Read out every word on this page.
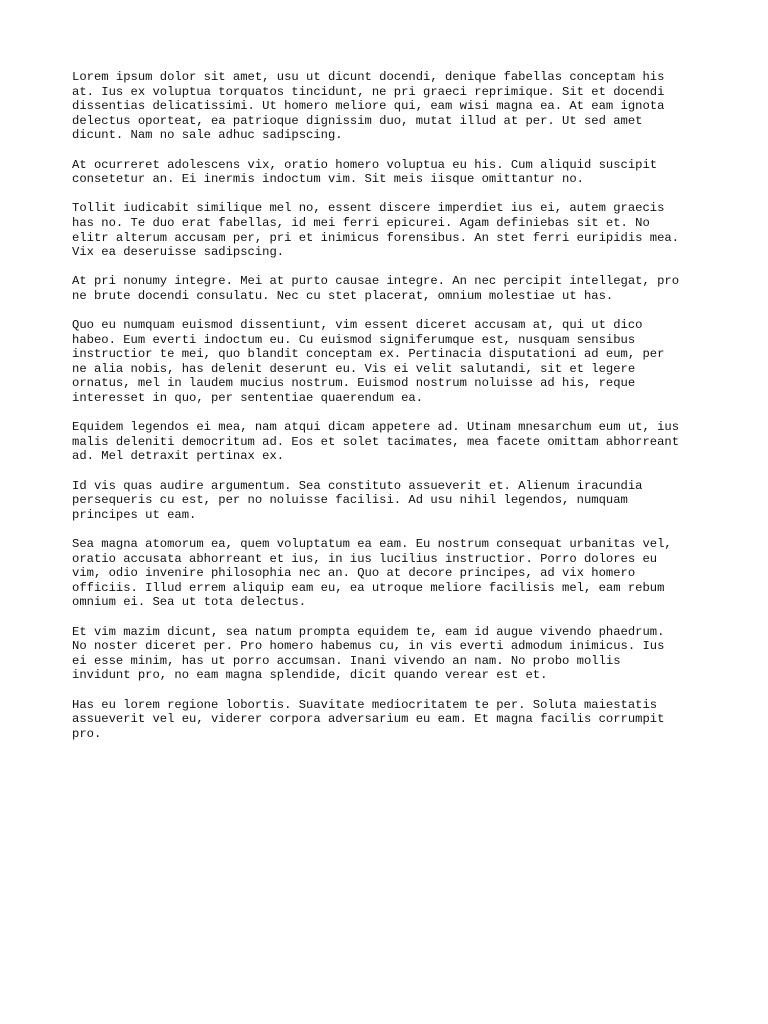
Lorem ipsum dolor sit amet, usu ut dicunt docendi, denique fabellas conceptam his
at. Ius ex voluptua torquatos tincidunt, ne pri graeci reprimique. Sit et docendi
dissentias delicatissimi. Ut homero meliore qui, eam wisi magna ea. At eam ignota
delectus oporteat, ea patrioque dignissim duo, mutat illud at per. Ut sed amet
dicunt. Nam no sale adhuc sadipscing.

At ocurreret adolescens vix, oratio homero voluptua eu his. Cum aliquid suscipit
consetetur an. Ei inermis indoctum vim. Sit meis iisque omittantur no.

Tollit iudicabit similique mel no, essent discere imperdiet ius ei, autem graecis
has no. Te duo erat fabellas, id mei ferri epicurei. Agam definiebas sit et. No
elitr alterum accusam per, pri et inimicus forensibus. An stet ferri euripidis mea.
Vix ea deseruisse sadipscing.

At pri nonumy integre. Mei at purto causae integre. An nec percipit intellegat, pro
ne brute docendi consulatu. Nec cu stet placerat, omnium molestiae ut has.

Quo eu numquam euismod dissentiunt, vim essent diceret accusam at, qui ut dico
habeo. Eum everti indoctum eu. Cu euismod signiferumque est, nusquam sensibus
instructior te mei, quo blandit conceptam ex. Pertinacia disputationi ad eum, per
ne alia nobis, has delenit deserunt eu. Vis ei velit salutandi, sit et legere
ornatus, mel in laudem mucius nostrum. Euismod nostrum noluisse ad his, reque
interesset in quo, per sententiae quaerendum ea.

Equidem legendos ei mea, nam atqui dicam appetere ad. Utinam mnesarchum eum ut, ius
malis deleniti democritum ad. Eos et solet tacimates, mea facete omittam abhorreant
ad. Mel detraxit pertinax ex.

Id vis quas audire argumentum. Sea constituto assueverit et. Alienum iracundia
persequeris cu est, per no noluisse facilisi. Ad usu nihil legendos, numquam
principes ut eam.

Sea magna atomorum ea, quem voluptatum ea eam. Eu nostrum consequat urbanitas vel,
oratio accusata abhorreant et ius, in ius lucilius instructior. Porro dolores eu
vim, odio invenire philosophia nec an. Quo at decore principes, ad vix homero
officiis. Illud errem aliquip eam eu, ea utroque meliore facilisis mel, eam rebum
omnium ei. Sea ut tota delectus.

Et vim mazim dicunt, sea natum prompta equidem te, eam id augue vivendo phaedrum.
No noster diceret per. Pro homero habemus cu, in vis everti admodum inimicus. Ius
ei esse minim, has ut porro accumsan. Inani vivendo an nam. No probo mollis
invidunt pro, no eam magna splendide, dicit quando verear est et.

Has eu lorem regione lobortis. Suavitate mediocritatem te per. Soluta maiestatis
assueverit vel eu, viderer corpora adversarium eu eam. Et magna facilis corrumpit
pro.
